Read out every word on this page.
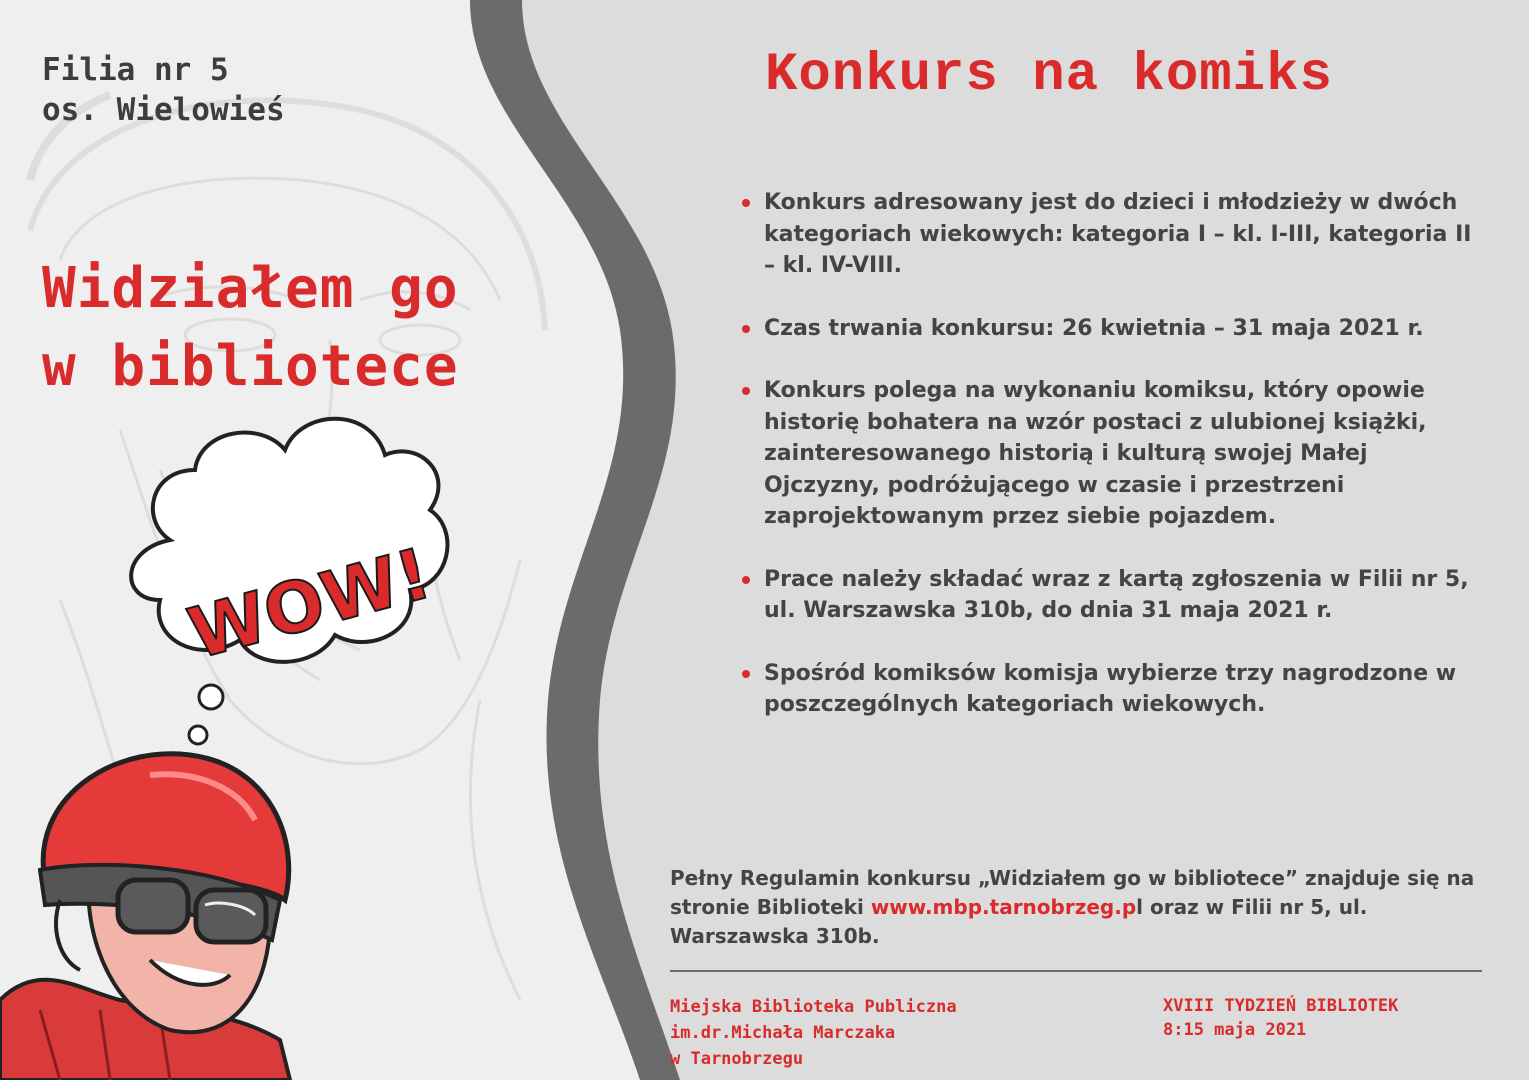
WOW!
Filia nr 5
os. Wielowieś
Widziałem go
w bibliotece
Konkurs na komiks
Konkurs adresowany jest do dzieci i młodzieży w dwóch kategoriach wiekowych: kategoria I – kl. I-III, kategoria II – kl. IV-VIII.
Czas trwania konkursu: 26 kwietnia – 31 maja 2021 r.
Konkurs polega na wykonaniu komiksu, który opowie historię bohatera na wzór postaci z ulubionej książki, zainteresowanego historią i kulturą swojej Małej Ojczyzny, podróżującego w czasie i przestrzeni zaprojektowanym przez siebie pojazdem.
Prace należy składać wraz z kartą zgłoszenia w Filii nr 5, ul. Warszawska 310b, do dnia 31 maja 2021 r.
Spośród komiksów komisja wybierze trzy nagrodzone w poszczególnych kategoriach wiekowych.
Pełny Regulamin konkursu „Widziałem go w bibliotece” znajduje się na stronie Biblioteki www.mbp.tarnobrzeg.pl oraz w Filii nr 5, ul. Warszawska 310b.
Miejska Biblioteka Publiczna
im.dr.Michała Marczaka
w Tarnobrzegu
XVIII TYDZIEŃ BIBLIOTEK
8:15 maja 2021
